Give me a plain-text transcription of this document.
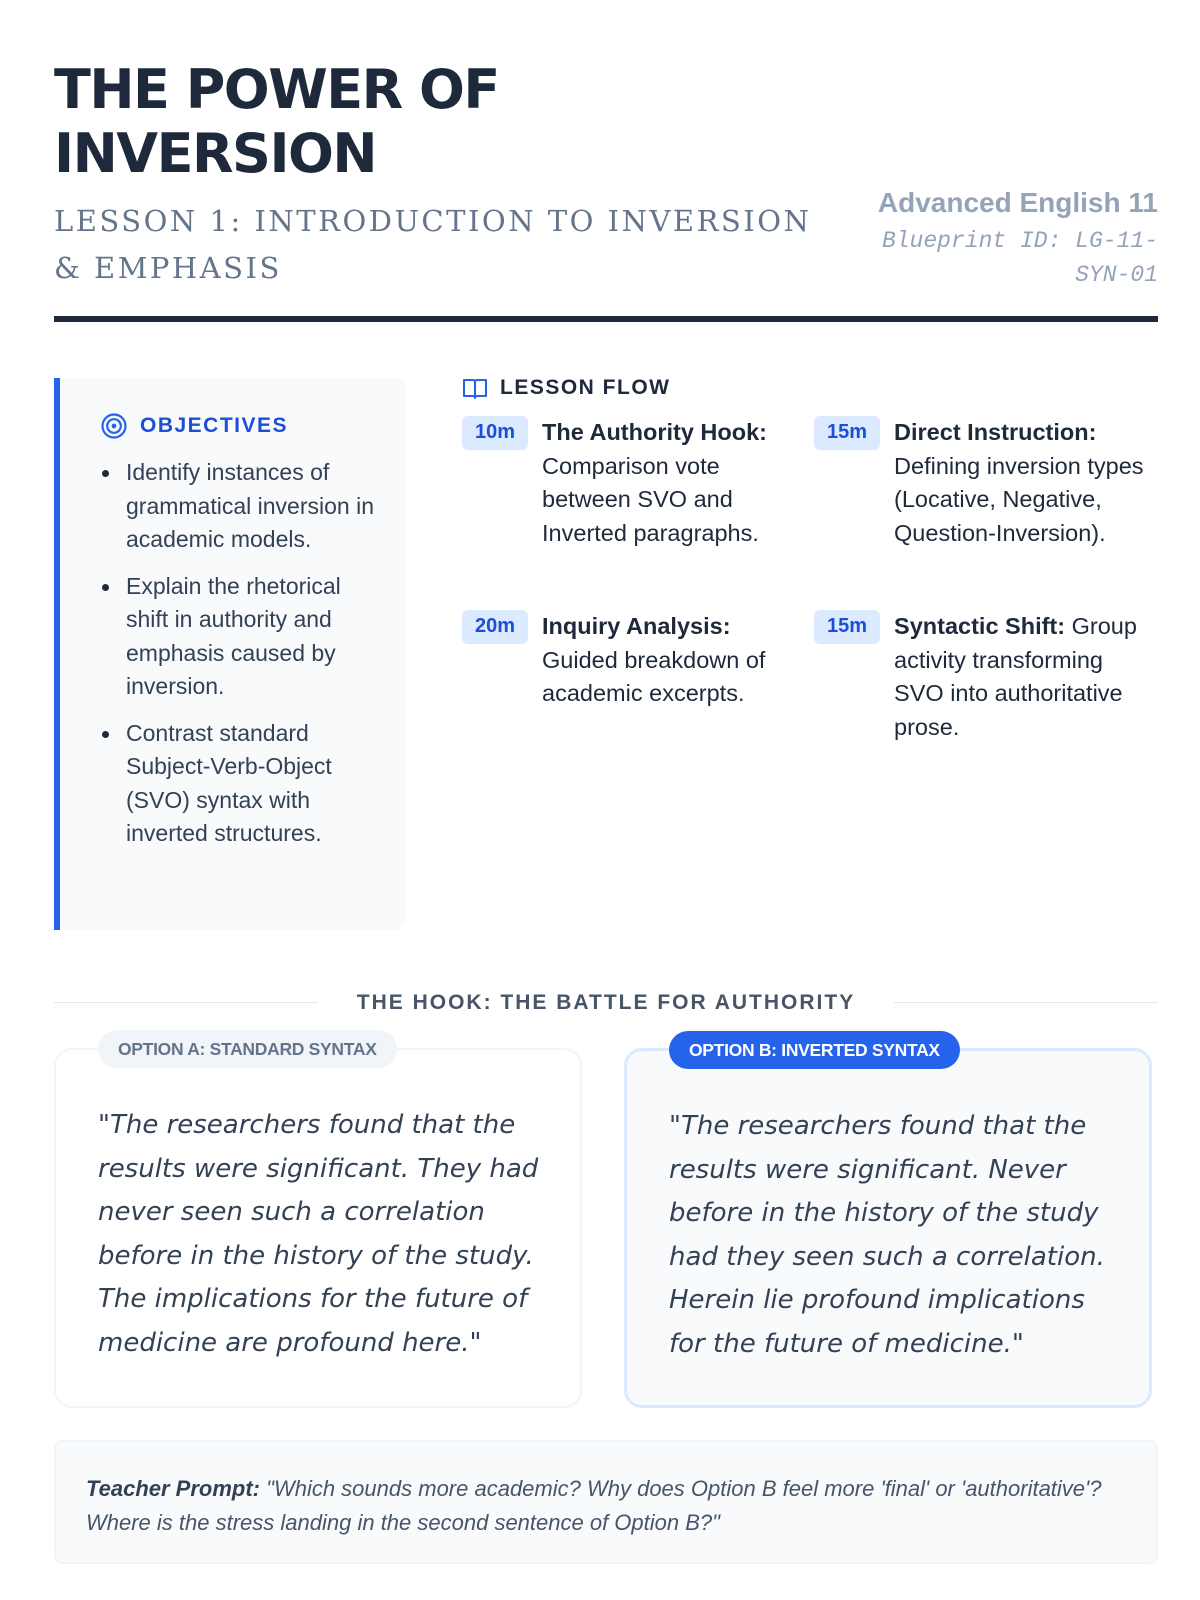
THE POWER OF INVERSION
LESSON 1: INTRODUCTION TO INVERSION & EMPHASIS
Advanced English 11
Blueprint ID: LG-11-SYN-01
OBJECTIVES
Identify instances of grammatical inversion in academic models.
Explain the rhetorical shift in authority and emphasis caused by inversion.
Contrast standard Subject-Verb-Object (SVO) syntax with inverted structures.
LESSON FLOW
10m	The Authority Hook: Comparison vote between SVO and Inverted paragraphs.
15m	Direct Instruction: Defining inversion types (Locative, Negative, Question-Inversion).
20m	Inquiry Analysis: Guided breakdown of academic excerpts.
15m	Syntactic Shift: Group activity transforming SVO into authoritative prose.
THE HOOK: THE BATTLE FOR AUTHORITY
OPTION A: STANDARD SYNTAX

"The researchers found that the results were significant. They had never seen such a correlation before in the history of the study. The implications for the future of medicine are profound here."

OPTION B: INVERTED SYNTAX

"The researchers found that the results were significant. Never before in the history of the study had they seen such a correlation. Herein lie profound implications for the future of medicine."

Teacher Prompt: "Which sounds more academic? Why does Option B feel more 'final' or 'authoritative'? Where is the stress landing in the second sentence of Option B?"
